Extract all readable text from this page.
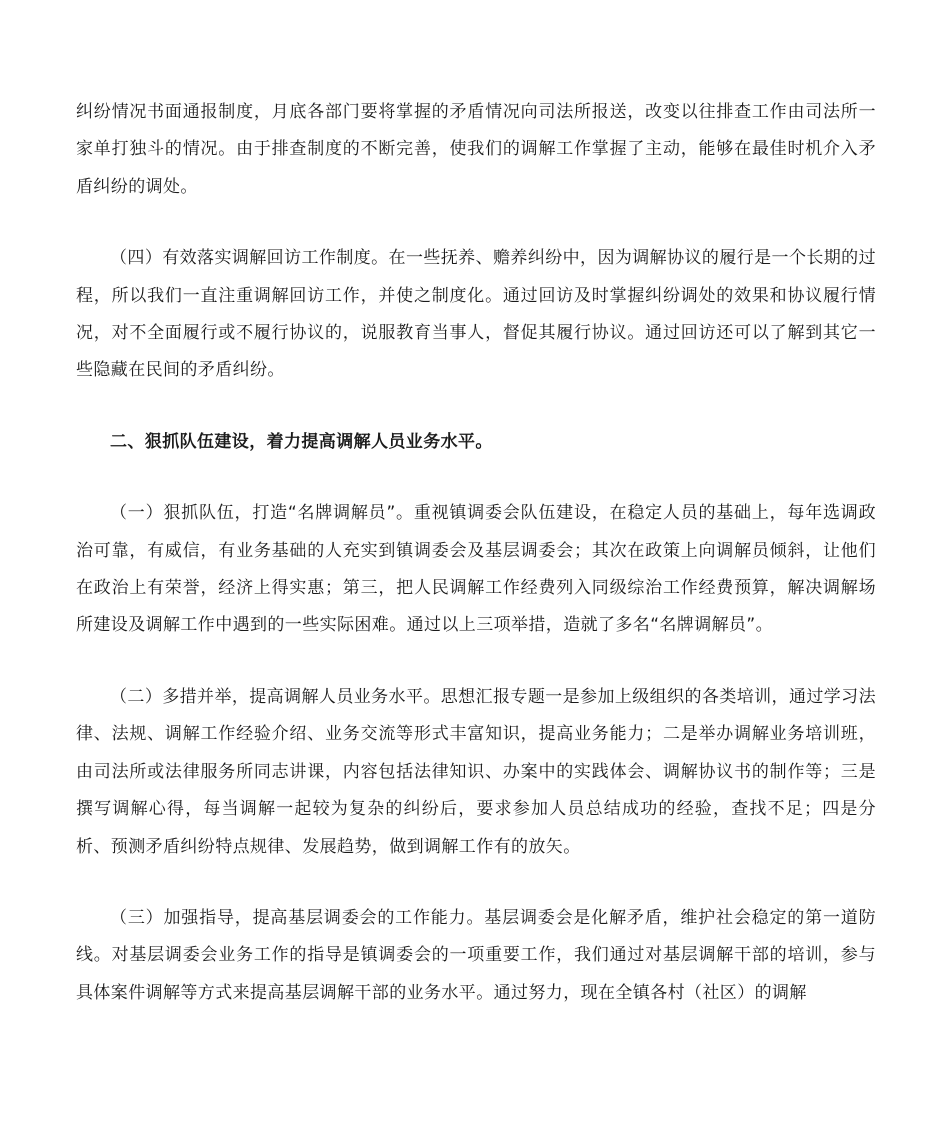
纠纷情况书面通报制度，月底各部门要将掌握的矛盾情况向司法所报送，改变以往排查工作由司法所一家单打独斗的情况。由于排查制度的不断完善，使我们的调解工作掌握了主动，能够在最佳时机介入矛盾纠纷的调处。

（四）有效落实调解回访工作制度。在一些抚养、赡养纠纷中，因为调解协议的履行是一个长期的过程，所以我们一直注重调解回访工作，并使之制度化。通过回访及时掌握纠纷调处的效果和协议履行情况，对不全面履行或不履行协议的，说服教育当事人，督促其履行协议。通过回访还可以了解到其它一些隐藏在民间的矛盾纠纷。

二、狠抓队伍建设，着力提高调解人员业务水平。

（一）狠抓队伍，打造“名牌调解员”。重视镇调委会队伍建设，在稳定人员的基础上，每年选调政治可靠，有威信，有业务基础的人充实到镇调委会及基层调委会；其次在政策上向调解员倾斜，让他们在政治上有荣誉，经济上得实惠；第三，把人民调解工作经费列入同级综治工作经费预算，解决调解场所建设及调解工作中遇到的一些实际困难。通过以上三项举措，造就了多名“名牌调解员”。

（二）多措并举，提高调解人员业务水平。思想汇报专题一是参加上级组织的各类培训，通过学习法律、法规、调解工作经验介绍、业务交流等形式丰富知识，提高业务能力；二是举办调解业务培训班，由司法所或法律服务所同志讲课，内容包括法律知识、办案中的实践体会、调解协议书的制作等；三是撰写调解心得，每当调解一起较为复杂的纠纷后，要求参加人员总结成功的经验，查找不足；四是分析、预测矛盾纠纷特点规律、发展趋势，做到调解工作有的放矢。

（三）加强指导，提高基层调委会的工作能力。基层调委会是化解矛盾，维护社会稳定的第一道防线。对基层调委会业务工作的指导是镇调委会的一项重要工作，我们通过对基层调解干部的培训，参与具体案件调解等方式来提高基层调解干部的业务水平。通过努力，现在全镇各村（社区）的调解
